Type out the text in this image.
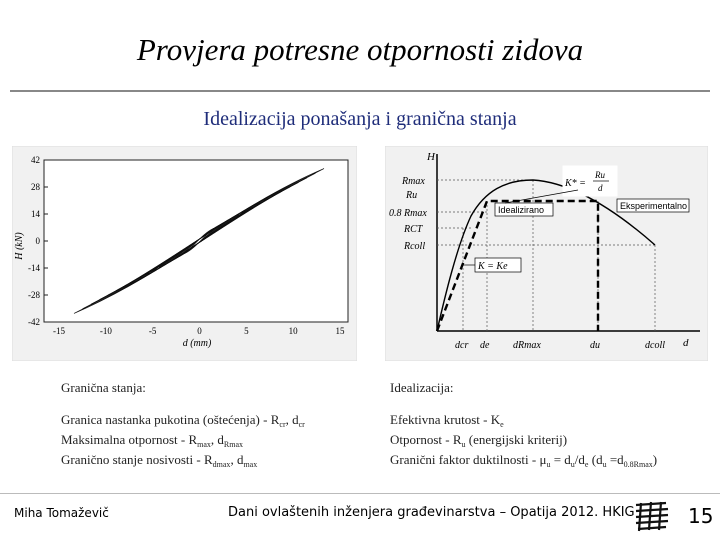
Provjera potresne otpornosti zidova
Idealizacija ponašanja i granična stanja
42
28
14
0
-14
-28
-42
-15	-10	-5	0	5	10	15
H (kN)
d (mm)
H
d
Rmax
Ru
0.8 Rmax
RCT
Rcoll
dcr de dRmax	du	dcoll
Idealizirano	Eksperimentalno
K* =
Ru
d
K = Ke
Granična stanja:	Idealizacija:
Granica nastanka pukotina (oštećenja) - $R_{cr}$, $d_{cr}$
Maksimalna otpornost - $R_{max}$, $d_{Rmax}$
Granično stanje nosivosti - $R_{dmax}$, $d_{max}$
Efektivna krutost - $K_e$
Otpornost - $R_u$ (energijski kriterij)
Granični faktor duktilnosti - $\mu_u = d_u/d_e$ $(d_u =d_{0.8Rmax})$
Miha Tomaževič	Dani ovlaštenih inženjera građevinarstva – Opatija 2012. HKIG	15
